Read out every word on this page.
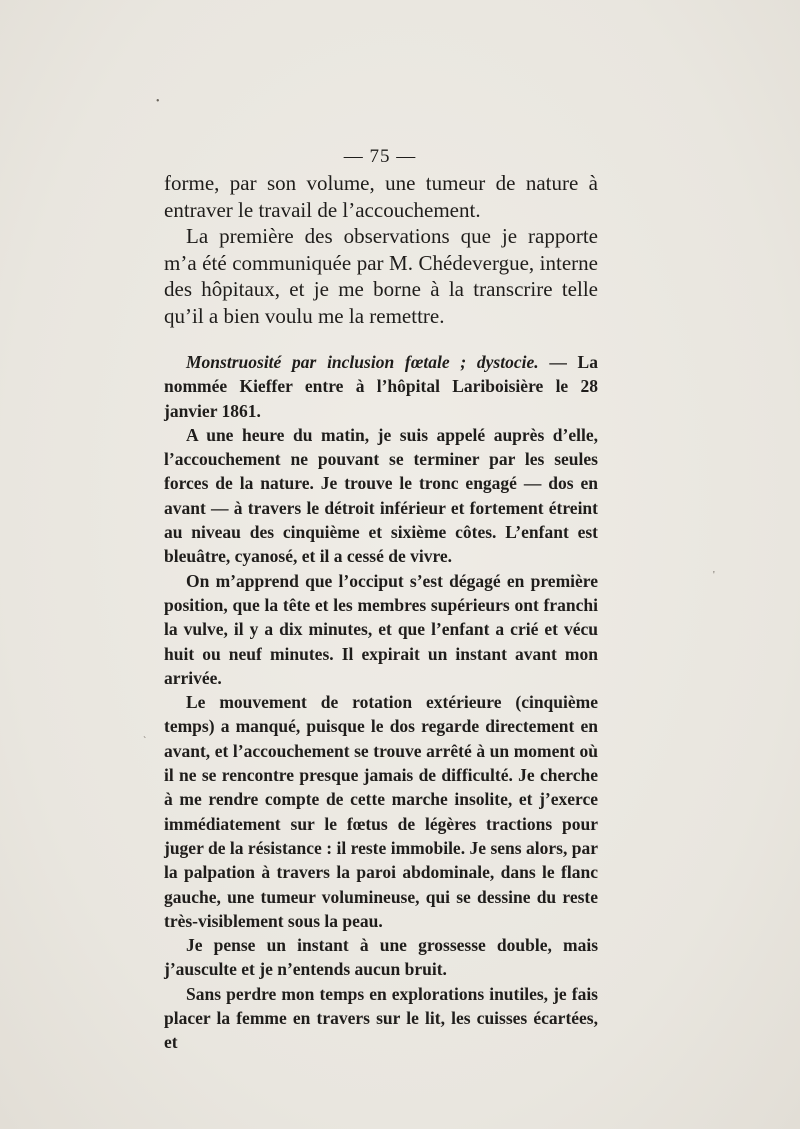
•
ˋ
'
— 75 —

forme, par son volume, une tumeur de nature à entraver le travail de l’accouchement.

La première des observations que je rapporte m’a été communiquée par M. Chédevergue, interne des hôpitaux, et je me borne à la transcrire telle qu’il a bien voulu me la remettre.

Monstruosité par inclusion fœtale ; dystocie. — La nommée Kieffer entre à l’hôpital Lariboisière le 28 janvier 1861.

A une heure du matin, je suis appelé auprès d’elle, l’accouchement ne pouvant se terminer par les seules forces de la nature. Je trouve le tronc engagé — dos en avant — à travers le détroit inférieur et fortement étreint au niveau des cinquième et sixième côtes. L’enfant est bleuâtre, cyanosé, et il a cessé de vivre.

On m’apprend que l’occiput s’est dégagé en première position, que la tête et les membres supérieurs ont franchi la vulve, il y a dix minutes, et que l’enfant a crié et vécu huit ou neuf minutes. Il expirait un instant avant mon arrivée.

Le mouvement de rotation extérieure (cinquième temps) a manqué, puisque le dos regarde directement en avant, et l’accouchement se trouve arrêté à un moment où il ne se rencontre presque jamais de difficulté. Je cherche à me rendre compte de cette marche insolite, et j’exerce immédiatement sur le fœtus de légères tractions pour juger de la résistance : il reste immobile. Je sens alors, par la palpation à travers la paroi abdominale, dans le flanc gauche, une tumeur volumineuse, qui se dessine du reste très-visiblement sous la peau.

Je pense un instant à une grossesse double, mais j’ausculte et je n’entends aucun bruit.

Sans perdre mon temps en explorations inutiles, je fais placer la femme en travers sur le lit, les cuisses écartées, et
